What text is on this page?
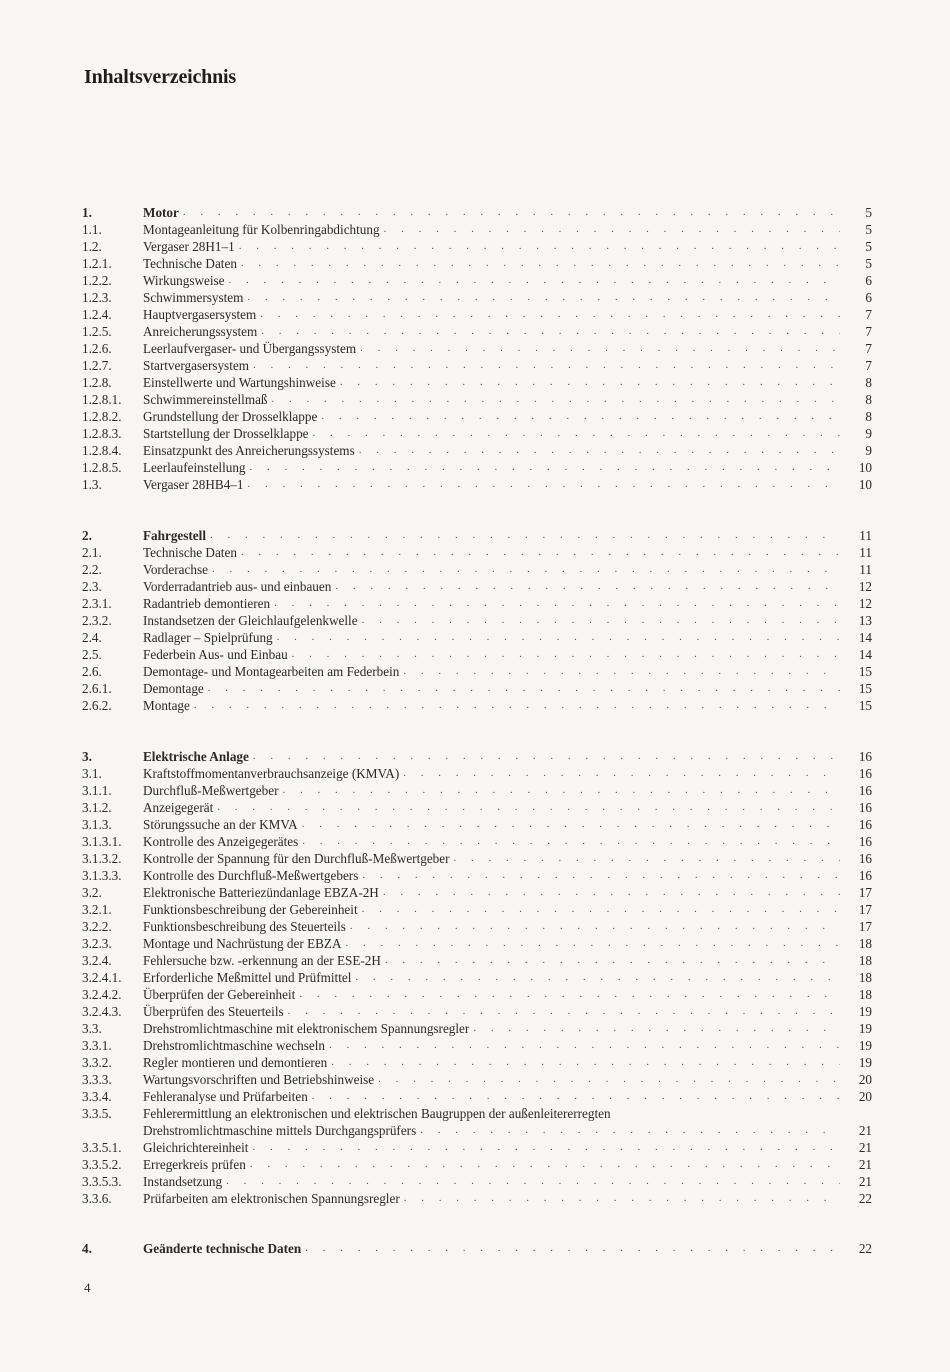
Inhaltsverzeichnis
1.	Motor . . .	5
1.1.	Montageanleitung für Kolbenringabdichtung . . .	5
1.2.	Vergaser 28H1–1 . . .	5
1.2.1.	Technische Daten . . .	5
1.2.2.	Wirkungsweise . . .	6
1.2.3.	Schwimmersystem . . .	6
1.2.4.	Hauptvergasersystem . . .	7
1.2.5.	Anreicherungssystem . . .	7
1.2.6.	Leerlaufvergaser- und Übergangssystem . . .	7
1.2.7.	Startvergasersystem . . .	7
1.2.8.	Einstellwerte und Wartungshinweise . . .	8
1.2.8.1.	Schwimmereinstellmaß . . .	8
1.2.8.2.	Grundstellung der Drosselklappe . . .	8
1.2.8.3.	Startstellung der Drosselklappe . . .	9
1.2.8.4.	Einsatzpunkt des Anreicherungssystems . . .	9
1.2.8.5.	Leerlaufeinstellung . . .	10
1.3.	Vergaser 28HB4–1 . . .	10
2.	Fahrgestell . . .	11
2.1.	Technische Daten . . .	11
2.2.	Vorderachse . . .	11
2.3.	Vorderradantrieb aus- und einbauen . . .	12
2.3.1.	Radantrieb demontieren . . .	12
2.3.2.	Instandsetzen der Gleichlaufgelenkwelle . . .	13
2.4.	Radlager – Spielprüfung . . .	14
2.5.	Federbein Aus- und Einbau . . .	14
2.6.	Demontage- und Montagearbeiten am Federbein . . .	15
2.6.1.	Demontage . . .	15
2.6.2.	Montage . . .	15
3.	Elektrische Anlage . . .	16
3.1.	Kraftstoffmomentanverbrauchsanzeige (KMVA) . . .	16
3.1.1.	Durchfluß-Meßwertgeber . . .	16
3.1.2.	Anzeigegerät . . .	16
3.1.3.	Störungssuche an der KMVA . . .	16
3.1.3.1.	Kontrolle des Anzeigegerätes . . .	16
3.1.3.2.	Kontrolle der Spannung für den Durchfluß-Meßwertgeber . . .	16
3.1.3.3.	Kontrolle des Durchfluß-Meßwertgebers . . .	16
3.2.	Elektronische Batteriezündanlage EBZA-2H . . .	17
3.2.1.	Funktionsbeschreibung der Gebereinheit . . .	17
3.2.2.	Funktionsbeschreibung des Steuerteils . . .	17
3.2.3.	Montage und Nachrüstung der EBZA . . .	18
3.2.4.	Fehlersuche bzw. -erkennung an der ESE-2H . . .	18
3.2.4.1.	Erforderliche Meßmittel und Prüfmittel . . .	18
3.2.4.2.	Überprüfen der Gebereinheit . . .	18
3.2.4.3.	Überprüfen des Steuerteils . . .	19
3.3.	Drehstromlichtmaschine mit elektronischem Spannungsregler . . .	19
3.3.1.	Drehstromlichtmaschine wechseln . . .	19
3.3.2.	Regler montieren und demontieren . . .	19
3.3.3.	Wartungsvorschriften und Betriebshinweise . . .	20
3.3.4.	Fehleranalyse und Prüfarbeiten . . .	20
3.3.5.	Fehlerermittlung an elektronischen und elektrischen Baugruppen der außenleitererregten
Drehstromlichtmaschine mittels Durchgangsprüfers . . .	21
3.3.5.1.	Gleichrichtereinheit . . .	21
3.3.5.2.	Erregerkreis prüfen . . .	21
3.3.5.3.	Instandsetzung . . .	21
3.3.6.	Prüfarbeiten am elektronischen Spannungsregler . . .	22
4.	Geänderte technische Daten . . .	22
4
